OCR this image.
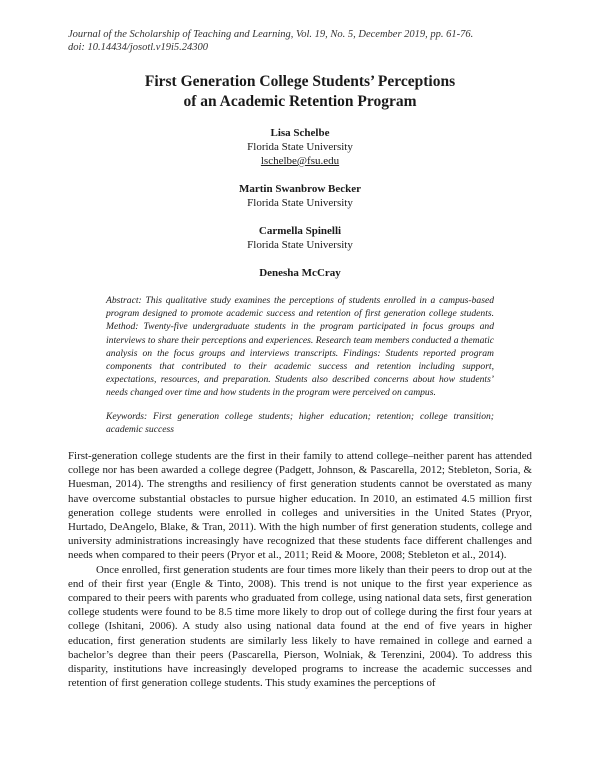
Journal of the Scholarship of Teaching and Learning, Vol. 19, No. 5, December 2019, pp. 61-76.

doi: 10.14434/josotl.v19i5.24300

First Generation College Students’ Perceptions
of an Academic Retention Program
Lisa Schelbe
Florida State University
lschelbe@fsu.edu
Martin Swanbrow Becker
Florida State University
Carmella Spinelli
Florida State University
Denesha McCray

Abstract: This qualitative study examines the perceptions of students enrolled in a campus-based program designed to promote academic success and retention of first generation college students. Method: Twenty-five undergraduate students in the program participated in focus groups and interviews to share their perceptions and experiences. Research team members conducted a thematic analysis on the focus groups and interviews transcripts. Findings: Students reported program components that contributed to their academic success and retention including support, expectations, resources, and preparation. Students also described concerns about how students’ needs changed over time and how students in the program were perceived on campus.

Keywords: First generation college students; higher education; retention; college transition; academic success

First-generation college students are the first in their family to attend college–neither parent has attended college nor has been awarded a college degree (Padgett, Johnson, & Pascarella, 2012; Stebleton, Soria, & Huesman, 2014). The strengths and resiliency of first generation students cannot be overstated as many have overcome substantial obstacles to pursue higher education. In 2010, an estimated 4.5 million first generation college students were enrolled in colleges and universities in the United States (Pryor, Hurtado, DeAngelo, Blake, & Tran, 2011). With the high number of first generation students, college and university administrations increasingly have recognized that these students face different challenges and needs when compared to their peers (Pryor et al., 2011; Reid & Moore, 2008; Stebleton et al., 2014).

Once enrolled, first generation students are four times more likely than their peers to drop out at the end of their first year (Engle & Tinto, 2008). This trend is not unique to the first year experience as compared to their peers with parents who graduated from college, using national data sets, first generation college students were found to be 8.5 time more likely to drop out of college during the first four years at college (Ishitani, 2006). A study also using national data found at the end of five years in higher education, first generation students are similarly less likely to have remained in college and earned a bachelor’s degree than their peers (Pascarella, Pierson, Wolniak, & Terenzini, 2004). To address this disparity, institutions have increasingly developed programs to increase the academic successes and retention of first generation college students. This study examines the perceptions of
